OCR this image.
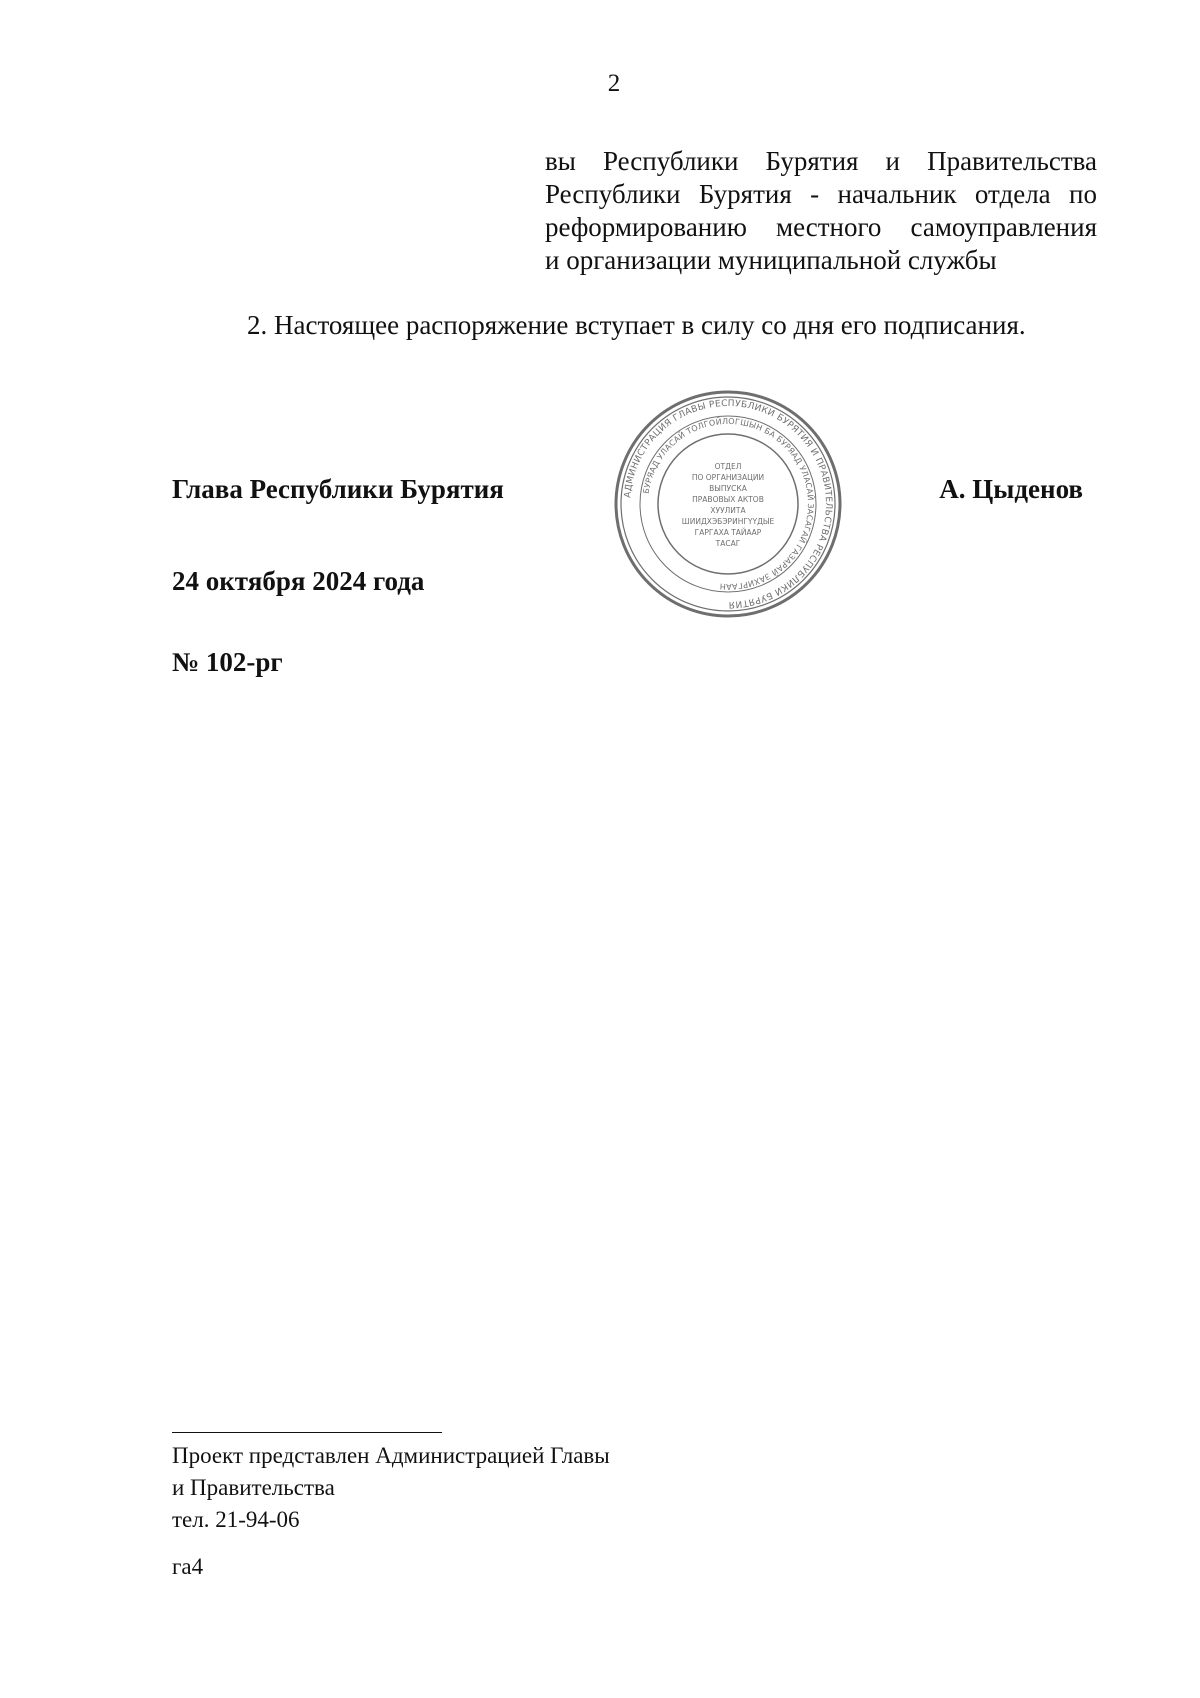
2
вы Республики Бурятия и Правительства
Республики Бурятия - начальник отдела по
реформированию местного самоуправления
и организации муниципальной службы
2. Настоящее распоряжение вступает в силу со дня его подписания.
Глава Республики Бурятия	А. Цыденов
24 октября 2024 года
№ 102-рг
АДМИНИСТРАЦИЯ ГЛАВЫ РЕСПУБЛИКИ БУРЯТИЯ И ПРАВИТЕЛЬСТВА РЕСПУБЛИКИ БУРЯТИЯ
БУРЯАД УЛАСАЙ ТОЛГОЙЛОГШЫН БА БУРЯАД УЛАСАЙ ЗАСАГАЙ ГАЗАРАЙ ЗАХИРГААН
ОТДЕЛ
ПО ОРГАНИЗАЦИИ
ВЫПУСКА
ПРАВОВЫХ АКТОВ
ХУУЛИТА
ШИИДХЭБЭРИНГҮҮДЫЕ
ГАРГАХА ТАЙААР
ТАСАГ
Проект представлен Администрацией Главы
и Правительства
тел. 21-94-06
га4
